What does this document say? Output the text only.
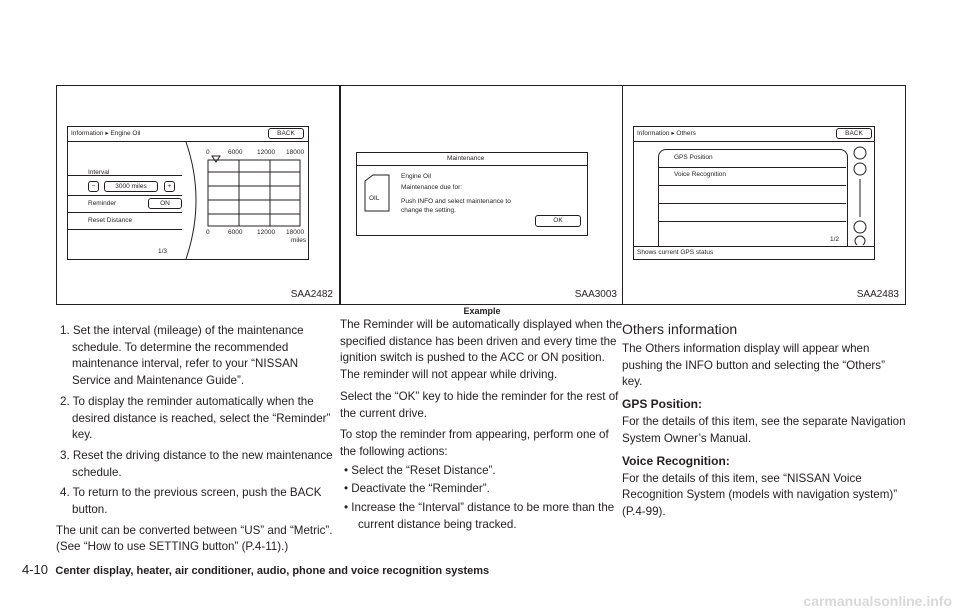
Information ▸ Engine Oil	BACK
Interval
−	3000 miles	+
Reminder	ON
Reset Distance
1/3
0	6000 12000 18000
0	6000 12000 18000
miles
SAA2482
1. Set the interval (mileage) of the maintenance schedule. To determine the recommended maintenance interval, refer to your “NISSAN Service and Maintenance Guide”.
2. To display the reminder automatically when the desired distance is reached, select the “Reminder” key.
3. Reset the driving distance to the new maintenance schedule.
4. To return to the previous screen, push the BACK button.

The unit can be converted between “US” and “Metric”. (See “How to use SETTING button” (P.4-11).)

Maintenance
OIL
Engine Oil
Maintenance due for:
Push INFO and select maintenance to
change the setting.
OK
SAA3003
Example

The Reminder will be automatically displayed when the specified distance has been driven and every time the ignition switch is pushed to the ACC or ON position. The reminder will not appear while driving.

Select the “OK” key to hide the reminder for the rest of the current drive.

To stop the reminder from appearing, perform one of the following actions:

• Select the “Reset Distance”.
• Deactivate the “Reminder”.
• Increase the “Interval” distance to be more than the current distance being tracked.
Information ▸ Others	BACK
GPS Position
Voice Recognition
1/2
Shows current GPS status
SAA2483
Others information

The Others information display will appear when pushing the INFO button and selecting the “Others” key.

GPS Position:

For the details of this item, see the separate Navigation System Owner’s Manual.

Voice Recognition:

For the details of this item, see “NISSAN Voice Recognition System (models with navigation system)” (P.4-99).

4-10 Center display, heater, air conditioner, audio, phone and voice recognition systems
carmanualsonline.info
